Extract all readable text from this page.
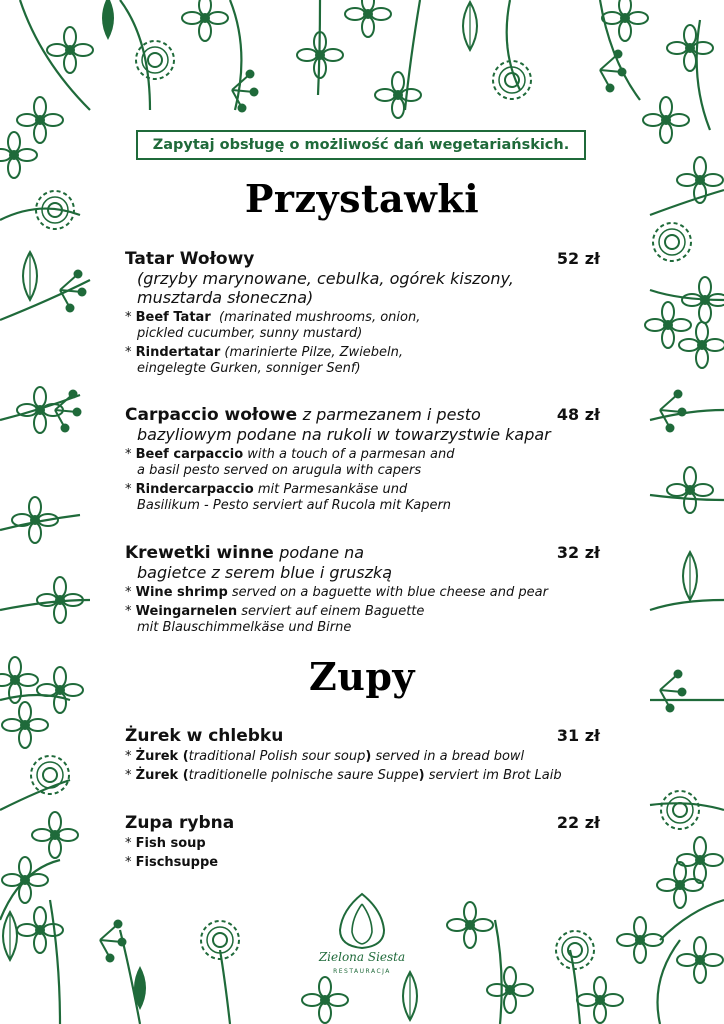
Zapytaj obsługę o możliwość dań wegetariańskich.
Przystawki
Tatar Wołowy	52 zł
(grzyby marynowane, cebulka, ogórek kiszony,
musztarda słoneczna)
* Beef Tatar (marinated mushrooms, onion,
pickled cucumber, sunny mustard)
* Rindertatar (marinierte Pilze, Zwiebeln,
eingelegte Gurken, sonniger Senf)
Carpaccio wołowe z parmezanem i pesto	48 zł
bazyliowym podane na rukoli w towarzystwie kapar
* Beef carpaccio with a touch of a parmesan and
a basil pesto served on arugula with capers
* Rindercarpaccio mit Parmesankäse und
Basilikum - Pesto serviert auf Rucola mit Kapern
Krewetki winne podane na	32 zł
bagietce z serem blue i gruszką
* Wine shrimp served on a baguette with blue cheese and pear
* Weingarnelen serviert auf einem Baguette
mit Blauschimmelkäse und Birne
Zupy
Żurek w chlebku	31 zł
* Żurek (traditional Polish sour soup) served in a bread bowl
* Żurek (traditionelle polnische saure Suppe) serviert im Brot Laib
Zupa rybna	22 zł
* Fish soup
* Fischsuppe
Zielona Siesta
RESTAURACJA
